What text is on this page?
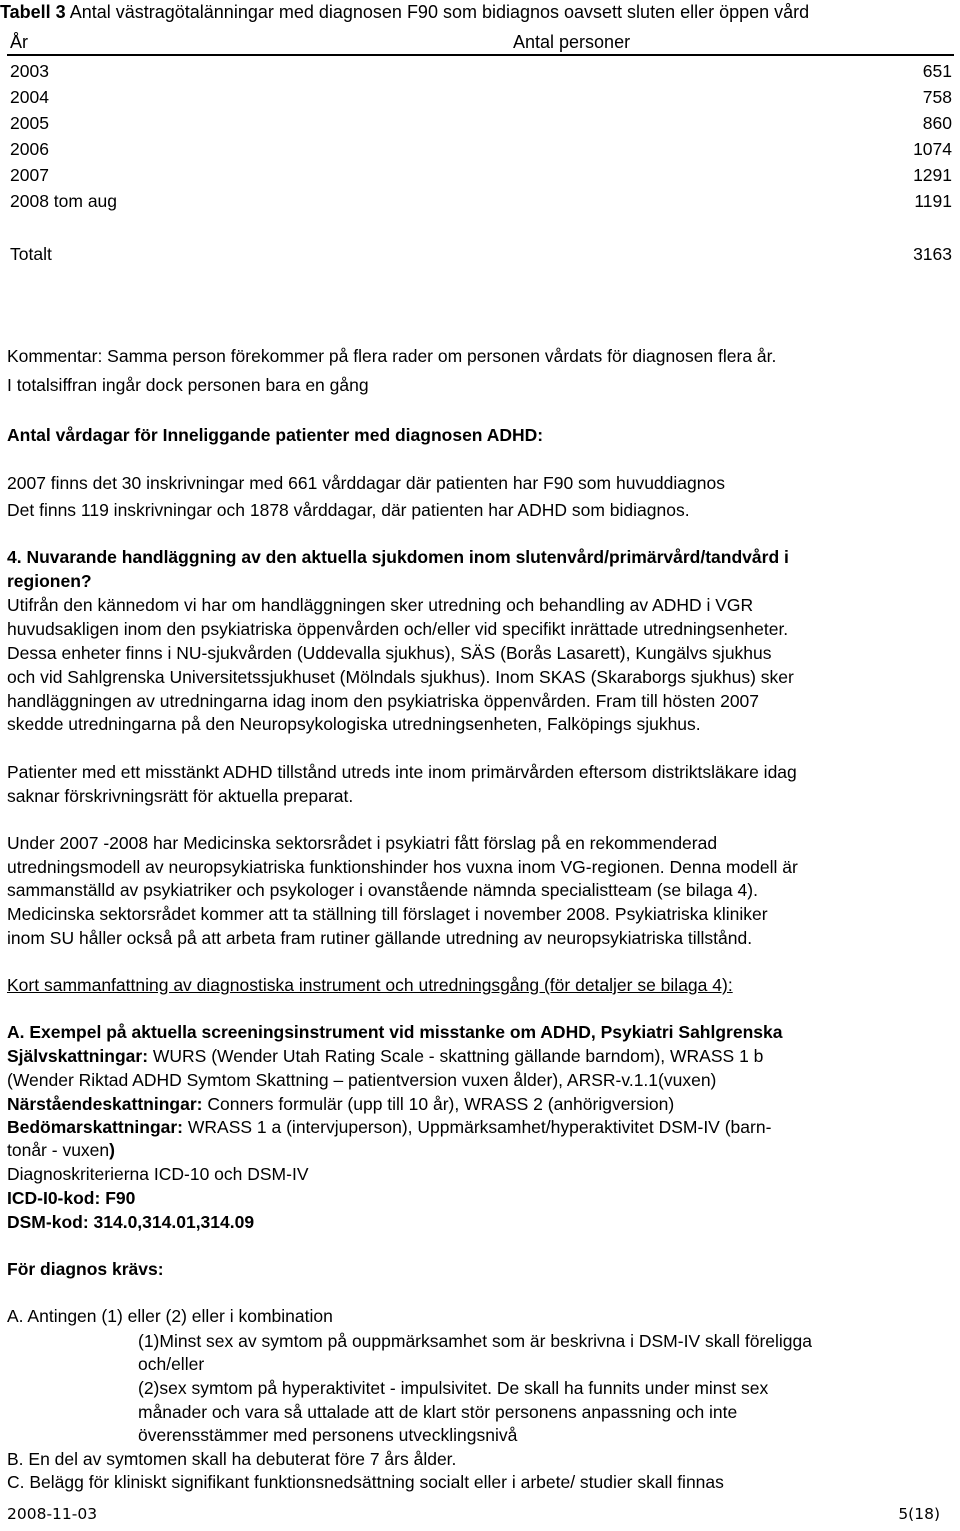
Tabell 3 Antal västragötalänningar med diagnosen F90 som bidiagnos oavsett sluten eller öppen vård
År	Antal personer
2003	651
2004	758
2005	860
2006	1074
2007	1291
2008 tom aug	1191
Totalt	3163
Kommentar: Samma person förekommer på flera rader om personen vårdats för diagnosen flera år.
I totalsiffran ingår dock personen bara en gång
Antal vårdagar för Inneliggande patienter med diagnosen ADHD:
2007 finns det 30 inskrivningar med 661 vårddagar där patienten har F90 som huvuddiagnos
Det finns 119 inskrivningar och 1878 vårddagar, där patienten har ADHD som bidiagnos.
4. Nuvarande handläggning av den aktuella sjukdomen inom slutenvård/primärvård/tandvård i
regionen?
Utifrån den kännedom vi har om handläggningen sker utredning och behandling av ADHD i VGR
huvudsakligen inom den psykiatriska öppenvården och/eller vid specifikt inrättade utredningsenheter.
Dessa enheter finns i NU-sjukvården (Uddevalla sjukhus), SÄS (Borås Lasarett), Kungälvs sjukhus
och vid Sahlgrenska Universitetssjukhuset (Mölndals sjukhus). Inom SKAS (Skaraborgs sjukhus) sker
handläggningen av utredningarna idag inom den psykiatriska öppenvården. Fram till hösten 2007
skedde utredningarna på den Neuropsykologiska utredningsenheten, Falköpings sjukhus.
Patienter med ett misstänkt ADHD tillstånd utreds inte inom primärvården eftersom distriktsläkare idag
saknar förskrivningsrätt för aktuella preparat.
Under 2007 -2008 har Medicinska sektorsrådet i psykiatri fått förslag på en rekommenderad
utredningsmodell av neuropsykiatriska funktionshinder hos vuxna inom VG-regionen. Denna modell är
sammanställd av psykiatriker och psykologer i ovanstående nämnda specialistteam (se bilaga 4).
Medicinska sektorsrådet kommer att ta ställning till förslaget i november 2008. Psykiatriska kliniker
inom SU håller också på att arbeta fram rutiner gällande utredning av neuropsykiatriska tillstånd.
Kort sammanfattning av diagnostiska instrument och utredningsgång (för detaljer se bilaga 4):
A. Exempel på aktuella screeningsinstrument vid misstanke om ADHD, Psykiatri Sahlgrenska
Självskattningar: WURS (Wender Utah Rating Scale - skattning gällande barndom), WRASS 1 b
(Wender Riktad ADHD Symtom Skattning – patientversion vuxen ålder), ARSR-v.1.1(vuxen)
Närståendeskattningar: Conners formulär (upp till 10 år), WRASS 2 (anhörigversion)
Bedömarskattningar: WRASS 1 a (intervjuperson), Uppmärksamhet/hyperaktivitet DSM-IV (barn-
tonår - vuxen)
Diagnoskriterierna ICD-10 och DSM-IV
ICD-I0-kod: F90
DSM-kod: 314.0,314.01,314.09
För diagnos krävs:
A. Antingen (1) eller (2) eller i kombination
(1)Minst sex av symtom på ouppmärksamhet som är beskrivna i DSM-IV skall föreligga
och/eller
(2)sex symtom på hyperaktivitet - impulsivitet. De skall ha funnits under minst sex
månader och vara så uttalade att de klart stör personens anpassning och inte
överensstämmer med personens utvecklingsnivå
B. En del av symtomen skall ha debuterat före 7 års ålder.
C. Belägg för kliniskt signifikant funktionsnedsättning socialt eller i arbete/ studier skall finnas
2008-11-03	5(18)
